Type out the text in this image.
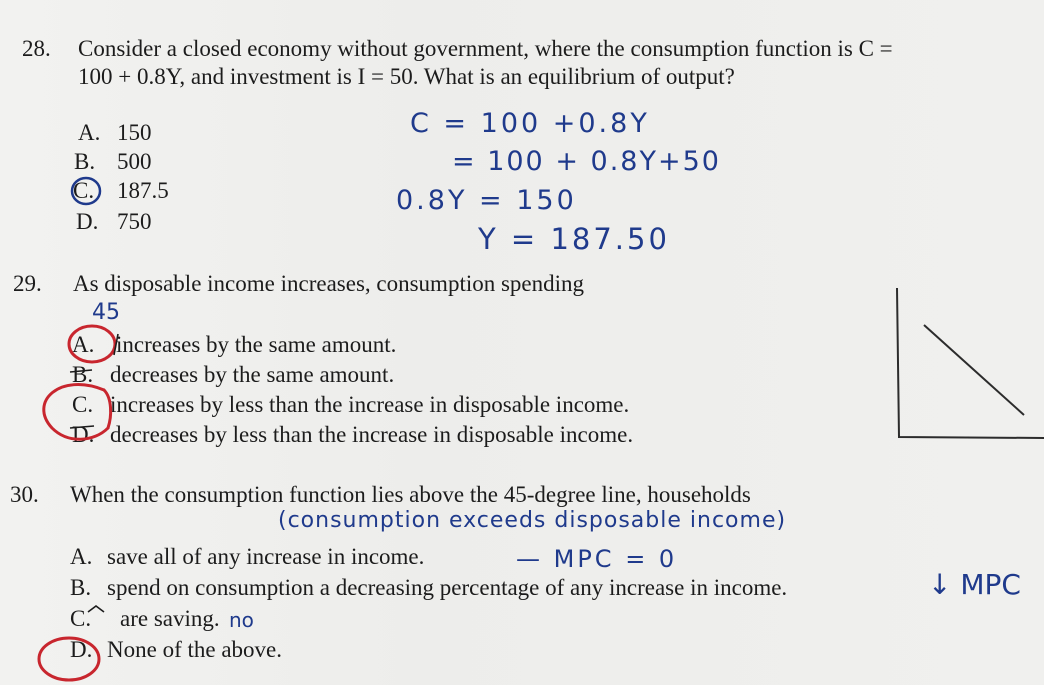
28. Consider a closed economy without government, where the consumption function is C =
100 + 0.8Y, and investment is I = 50. What is an equilibrium of output?
A. 150
B. 500
C. 187.5
D. 750
C = 100 +0.8Y
= 100 + 0.8Y+50
0.8Y = 150
Y = 187.50
29. As disposable income increases, consumption spending
A. increases by the same amount.
B. decreases by the same amount.
C. increases by less than the increase in disposable income.
D. decreases by less than the increase in disposable income.
45
30. When the consumption function lies above the 45-degree line, households
(consumption exceeds disposable income)
A. save all of any increase in income.	— MPC = 0
B. spend on consumption a decreasing percentage of any increase in income.	↓ MPC
C. are saving. no
D. None of the above.
